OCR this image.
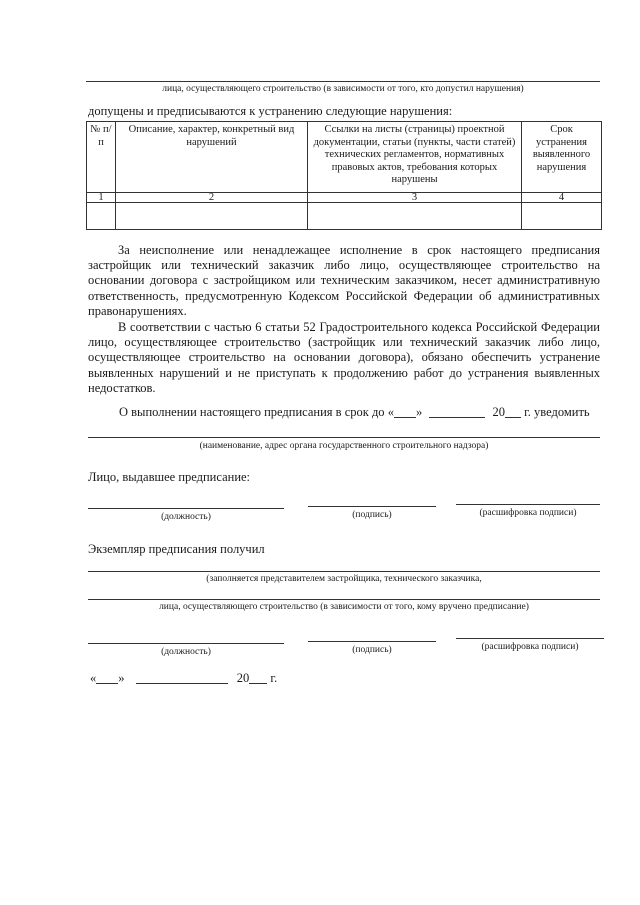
лица, осуществляющего строительство (в зависимости от того, кто допустил нарушения)
допущены и предписываются к устранению следующие нарушения:
№ п/п	Описание, характер, конкретный вид нарушений	Ссылки на листы (страницы) проектной документации, статьи (пункты, части статей) технических регламентов, нормативных правовых актов, требования которых нарушены	Срок устранения выявленного нарушения
1	2	3	4

За неисполнение или ненадлежащее исполнение в срок настоящего предписания застройщик или технический заказчик либо лицо, осуществляющее строительство на основании договора с застройщиком или техническим заказчиком, несет административную ответственность, предусмотренную Кодексом Российской Федерации об административных правонарушениях.
В соответствии с частью 6 статьи 52 Градостроительного кодекса Российской Федерации лицо, осуществляющее строительство (застройщик или технический заказчик либо лицо, осуществляющее строительство на основании договора), обязано обеспечить устранение выявленных нарушений и не приступать к продолжению работ до устранения выявленных недостатков.
О выполнении настоящего предписания в срок до « »	20 г. уведомить
(наименование, адрес органа государственного строительного надзора)
Лицо, выдавшее предписание:
(должность)	(подпись)	(расшифровка подписи)
Экземпляр предписания получил
(заполняется представителем застройщика, технического заказчика,
лица, осуществляющего строительство (в зависимости от того, кому вручено предписание)
(должность)	(подпись)	(расшифровка подписи)
« »	20 г.
